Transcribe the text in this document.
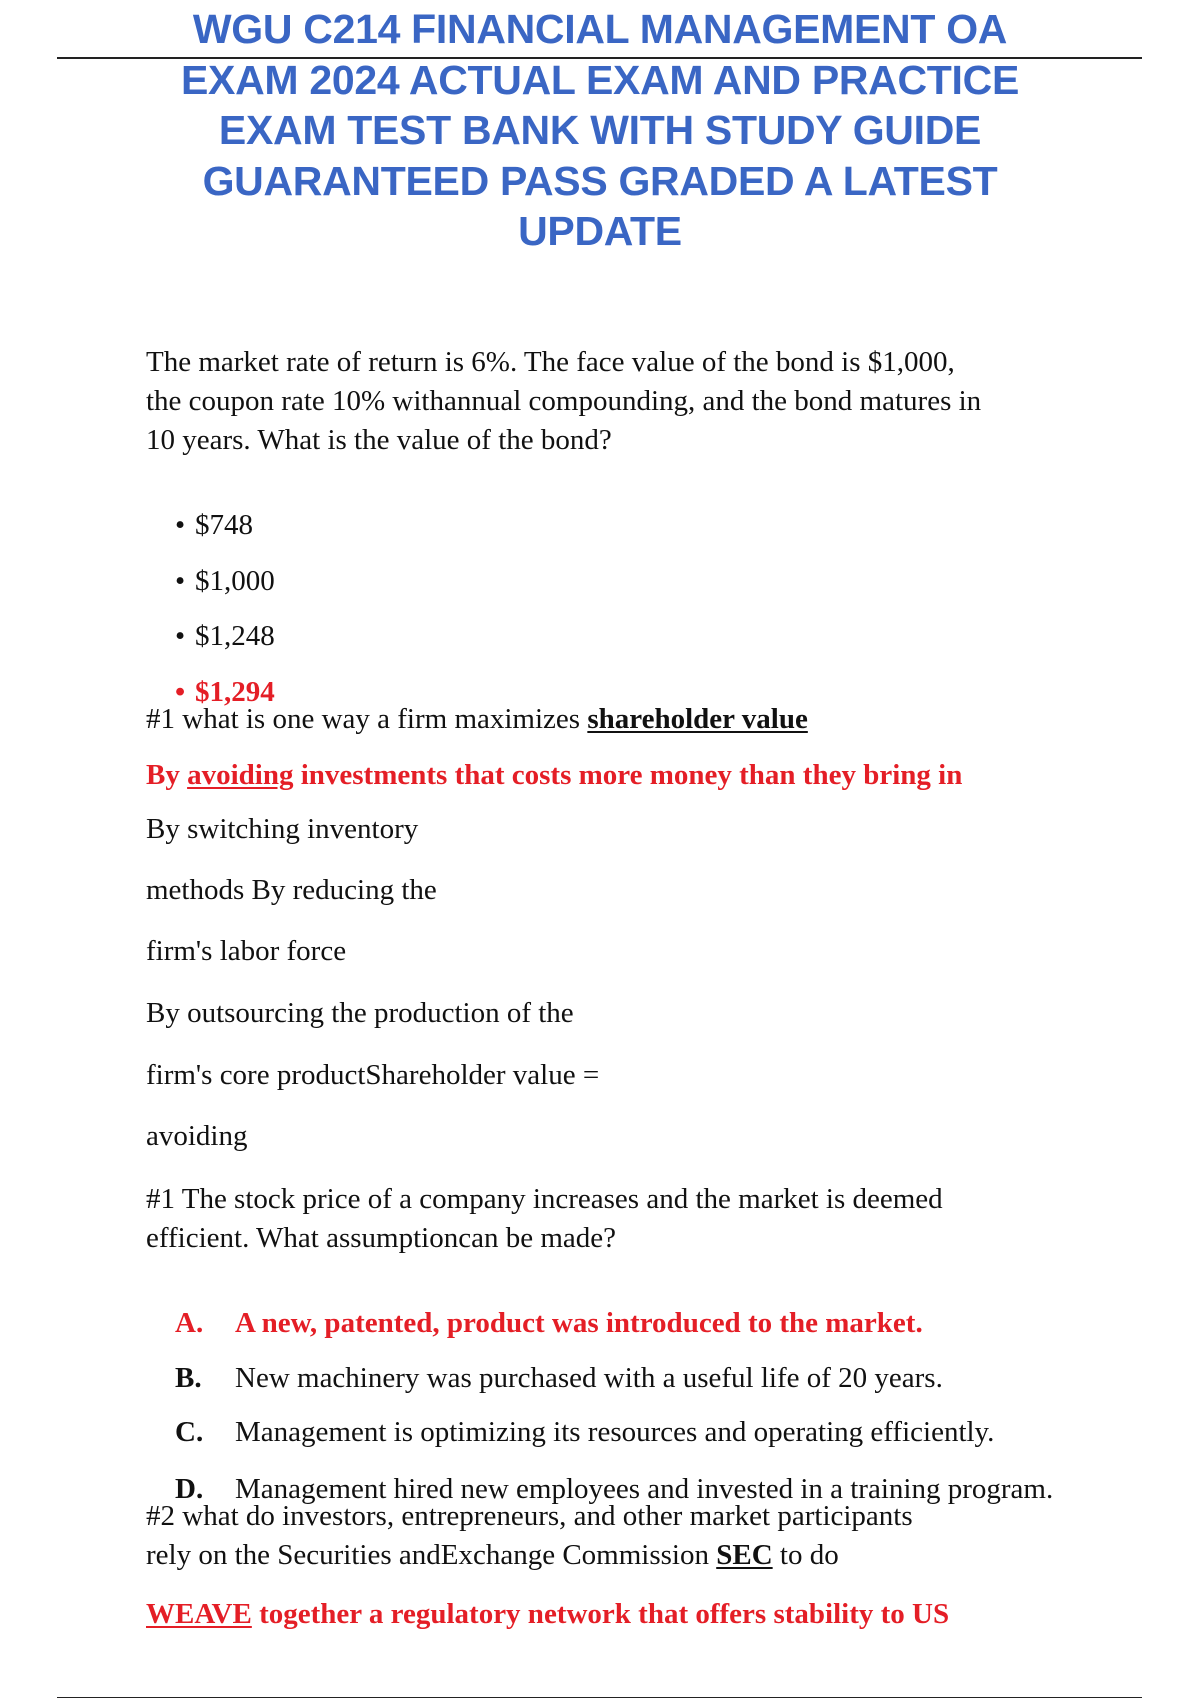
WGU C214 FINANCIAL MANAGEMENT OA
EXAM 2024 ACTUAL EXAM AND PRACTICE
EXAM TEST BANK WITH STUDY GUIDE
GUARANTEED PASS GRADED A LATEST
UPDATE
The market rate of return is 6%. The face value of the bond is $1,000,
the coupon rate 10% withannual compounding, and the bond matures in
10 years. What is the value of the bond?

• $748

• $1,000

• $1,248

• $1,294

#1 what is one way a firm maximizes shareholder value
By avoiding investments that costs more money than they bring in
By switching inventory
methods By reducing the
firm's labor force
By outsourcing the production of the
firm's core productShareholder value =
avoiding
#1 The stock price of a company increases and the market is deemed
efficient. What assumptioncan be made?

A. A new, patented, product was introduced to the market.

B. New machinery was purchased with a useful life of 20 years.

C. Management is optimizing its resources and operating efficiently.

D. Management hired new employees and invested in a training program.

#2 what do investors, entrepreneurs, and other market participants
rely on the Securities andExchange Commission SEC to do
WEAVE together a regulatory network that offers stability to US
